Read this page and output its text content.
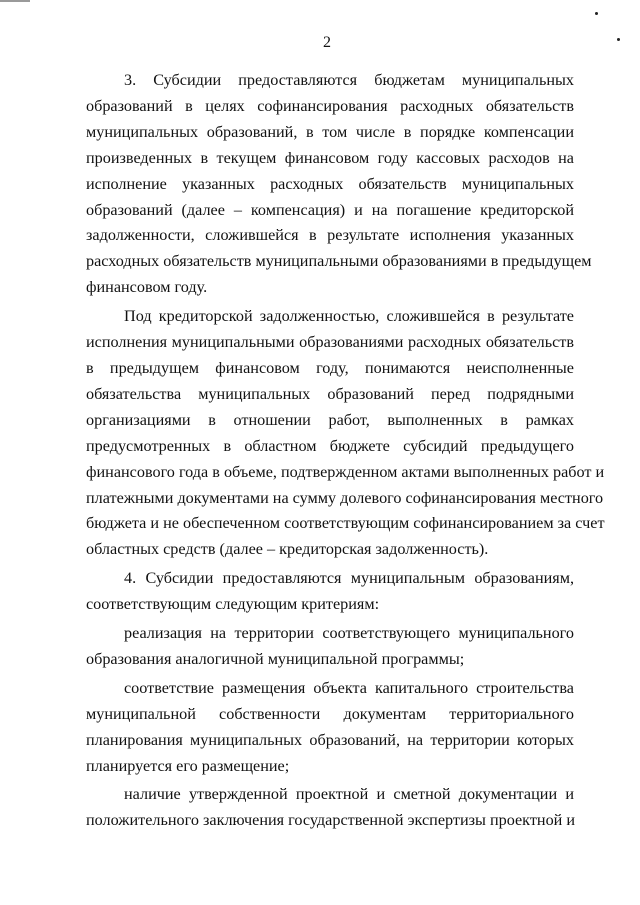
2
3. Субсидии предоставляются бюджетам муниципальных
образований в целях софинансирования расходных обязательств
муниципальных образований, в том числе в порядке компенсации
произведенных в текущем финансовом году кассовых расходов на
исполнение указанных расходных обязательств муниципальных
образований (далее – компенсация) и на погашение кредиторской
задолженности, сложившейся в результате исполнения указанных
расходных обязательств муниципальными образованиями в предыдущем
финансовом году.
Под кредиторской задолженностью, сложившейся в результате
исполнения муниципальными образованиями расходных обязательств
в предыдущем финансовом году, понимаются неисполненные
обязательства муниципальных образований перед подрядными
организациями в отношении работ, выполненных в рамках
предусмотренных в областном бюджете субсидий предыдущего
финансового года в объеме, подтвержденном актами выполненных работ и
платежными документами на сумму долевого софинансирования местного
бюджета и не обеспеченном соответствующим софинансированием за счет
областных средств (далее – кредиторская задолженность).
4. Субсидии предоставляются муниципальным образованиям,
соответствующим следующим критериям:
реализация на территории соответствующего муниципального
образования аналогичной муниципальной программы;
соответствие размещения объекта капитального строительства
муниципальной собственности документам территориального
планирования муниципальных образований, на территории которых
планируется его размещение;
наличие утвержденной проектной и сметной документации и
положительного заключения государственной экспертизы проектной и
